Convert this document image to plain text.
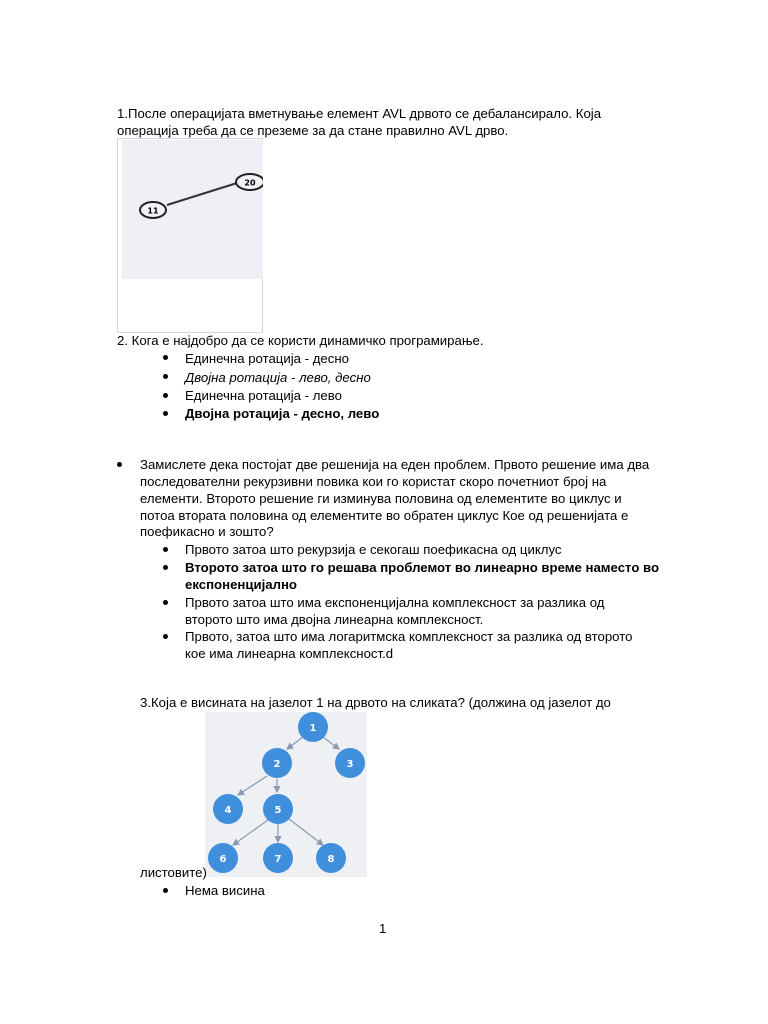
1.После операцијата вметнување елемент AVL дрвото се дебалансирало. Која
операција треба да се преземе за да стане правилно AVL дрво.
11
20
2. Кога е најдобро да се користи динамичко програмирање.
Единечна ротација - десно
Двојна ротација - лево, десно
Единечна ротација - лево
Двојна ротација - десно, лево
Замислете дека постојат две решенија на еден проблем. Првото решение има два
последователни рекурзивни повика кои го користат скоро почетниот број на
елементи. Второто решение ги изминува половина од елементите во циклус и
потоа втората половина од елементите во обратен циклус Кое од решенијата е
поефикасно и зошто?
Првото затоа што рекурзија е секогаш поефикасна од циклус
Второто затоа што го решава проблемот во линеарно време наместо во
експоненцијално
Првото затоа што има експоненцијална комплексност за разлика од
второто што има двојна линеарна комплексност.
Првото, затоа што има логаритмска комплексност за разлика од второто
кое има линеарна комплексност.d
3.Која е висината на јазелот 1 на дрвото на сликата? (должина од јазелот до
1
2	3
4	5
6	7	8
листовите)
Нема висина
1
